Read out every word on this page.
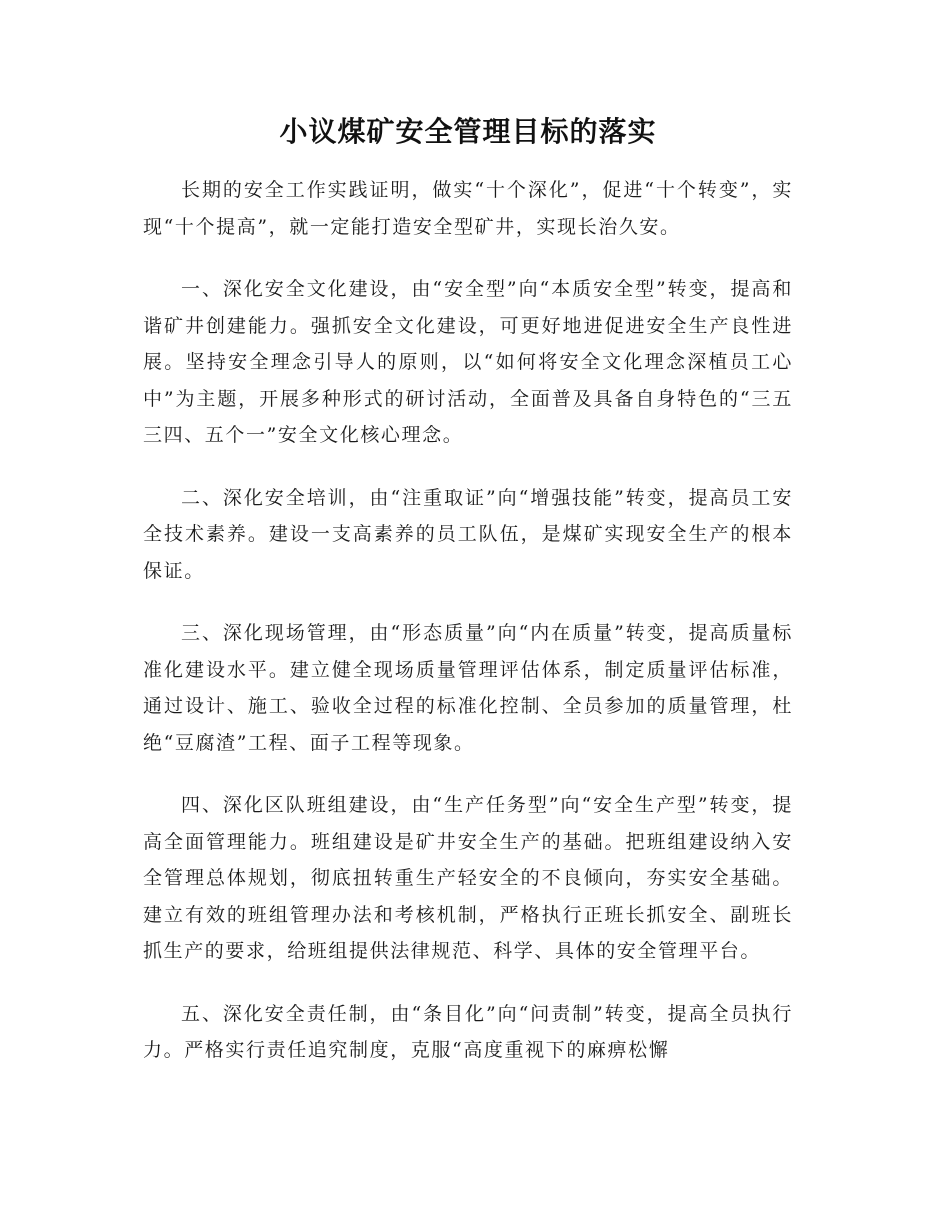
小议煤矿安全管理目标的落实

长期的安全工作实践证明，做实“十个深化”，促进“十个转变”，实现“十个提高”，就一定能打造安全型矿井，实现长治久安。

一、深化安全文化建设，由“安全型”向“本质安全型”转变，提高和谐矿井创建能力。强抓安全文化建设，可更好地进促进安全生产良性进展。坚持安全理念引导人的原则，以“如何将安全文化理念深植员工心中”为主题，开展多种形式的研讨活动，全面普及具备自身特色的“三五三四、五个一”安全文化核心理念。

二、深化安全培训，由“注重取证”向“增强技能”转变，提高员工安全技术素养。建设一支高素养的员工队伍，是煤矿实现安全生产的根本保证。

三、深化现场管理，由“形态质量”向“内在质量”转变，提高质量标准化建设水平。建立健全现场质量管理评估体系，制定质量评估标准，通过设计、施工、验收全过程的标准化控制、全员参加的质量管理，杜绝“豆腐渣”工程、面子工程等现象。

四、深化区队班组建设，由“生产任务型”向“安全生产型”转变，提高全面管理能力。班组建设是矿井安全生产的基础。把班组建设纳入安全管理总体规划，彻底扭转重生产轻安全的不良倾向，夯实安全基础。建立有效的班组管理办法和考核机制，严格执行正班长抓安全、副班长抓生产的要求，给班组提供法律规范、科学、具体的安全管理平台。

五、深化安全责任制，由“条目化”向“问责制”转变，提高全员执行力。严格实行责任追究制度，克服“高度重视下的麻痹松懈
